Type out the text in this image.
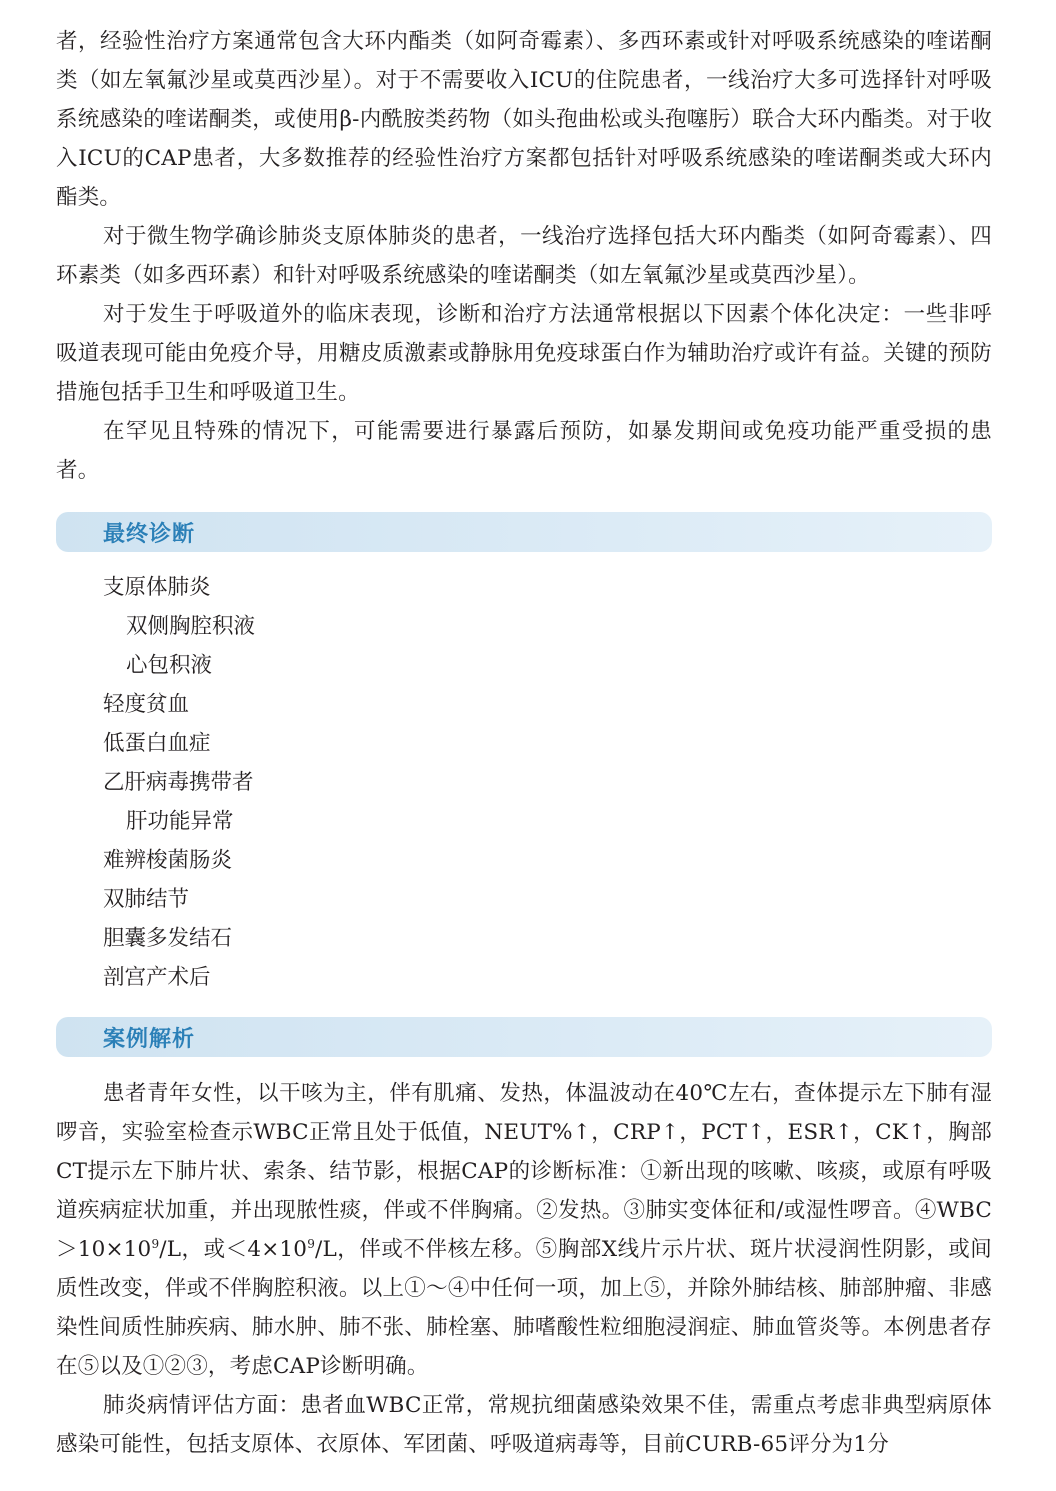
者，经验性治疗方案通常包含大环内酯类（如阿奇霉素）、多西环素或针对呼吸系统感染的喹诺酮类（如左氧氟沙星或莫西沙星）。对于不需要收入ICU的住院患者，一线治疗大多可选择针对呼吸系统感染的喹诺酮类，或使用β-内酰胺类药物（如头孢曲松或头孢噻肟）联合大环内酯类。对于收入ICU的CAP患者，大多数推荐的经验性治疗方案都包括针对呼吸系统感染的喹诺酮类或大环内酯类。

对于微生物学确诊肺炎支原体肺炎的患者，一线治疗选择包括大环内酯类（如阿奇霉素）、四环素类（如多西环素）和针对呼吸系统感染的喹诺酮类（如左氧氟沙星或莫西沙星）。

对于发生于呼吸道外的临床表现，诊断和治疗方法通常根据以下因素个体化决定：一些非呼吸道表现可能由免疫介导，用糖皮质激素或静脉用免疫球蛋白作为辅助治疗或许有益。关键的预防措施包括手卫生和呼吸道卫生。

在罕见且特殊的情况下，可能需要进行暴露后预防，如暴发期间或免疫功能严重受损的患者。

最终诊断
支原体肺炎
双侧胸腔积液
心包积液
轻度贫血
低蛋白血症
乙肝病毒携带者
肝功能异常
难辨梭菌肠炎
双肺结节
胆囊多发结石
剖宫产术后
案例解析

患者青年女性，以干咳为主，伴有肌痛、发热，体温波动在40℃左右，查体提示左下肺有湿啰音，实验室检查示WBC正常且处于低值，NEUT%↑，CRP↑，PCT↑，ESR↑，CK↑，胸部CT提示左下肺片状、索条、结节影，根据CAP的诊断标准：①新出现的咳嗽、咳痰，或原有呼吸道疾病症状加重，并出现脓性痰，伴或不伴胸痛。②发热。③肺实变体征和/或湿性啰音。$④WBC>10\times 10^9/L$，或$<4\times 10^9/L$，伴或不伴核左移。⑤胸部X线片示片状、斑片状浸润性阴影，或间质性改变，伴或不伴胸腔积液。以上①～④中任何一项，加上⑤，并除外肺结核、肺部肿瘤、非感染性间质性肺疾病、肺水肿、肺不张、肺栓塞、肺嗜酸性粒细胞浸润症、肺血管炎等。本例患者存在⑤以及①②③，考虑CAP诊断明确。

肺炎病情评估方面：患者血WBC正常，常规抗细菌感染效果不佳，需重点考虑非典型病原体感染可能性，包括支原体、衣原体、军团菌、呼吸道病毒等，目前CURB-65评分为1分
